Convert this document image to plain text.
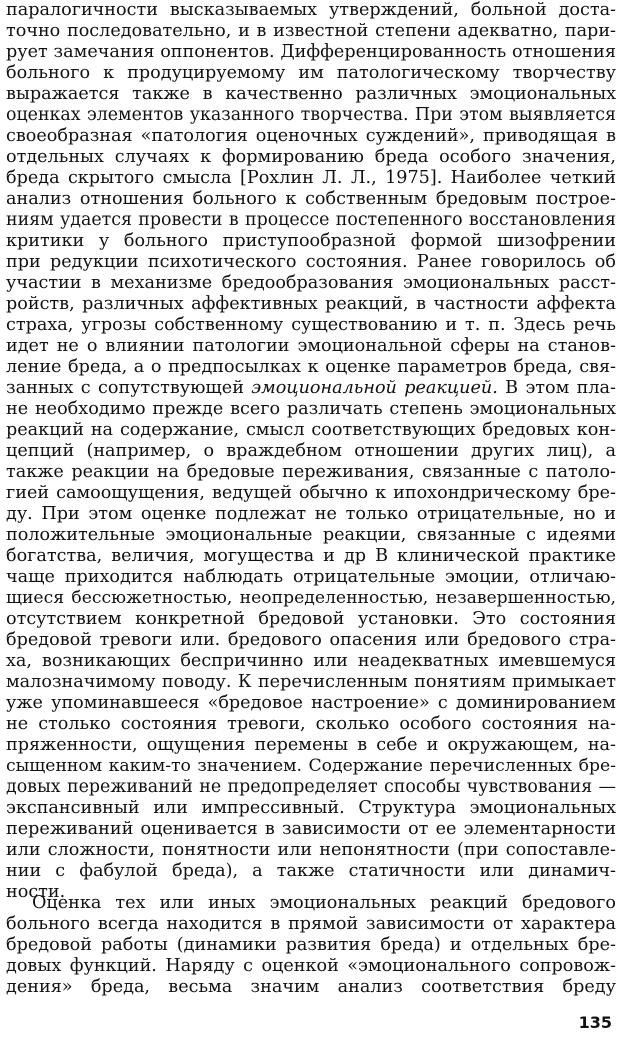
паралогичности высказываемых утверждений, больной доста-
точно последовательно, и в известной степени адекватно, пари-
рует замечания оппонентов. Дифференцированность отношения
больного к продуцируемому им патологическому творчеству
выражается также в качественно различных эмоциональных
оценках элементов указанного творчества. При этом выявляется
своеобразная «патология оценочных суждений», приводящая в
отдельных случаях к формированию бреда особого значения,
бреда скрытого смысла [Рохлин Л. Л., 1975]. Наиболее четкий
анализ отношения больного к собственным бредовым построе-
ниям удается провести в процессе постепенного восстановления
критики у больного приступообразной формой шизофрении
при редукции психотического состояния. Ранее говорилось об
участии в механизме бредообразования эмоциональных расст-
ройств, различных аффективных реакций, в частности аффекта
страха, угрозы собственному существованию и т. п. Здесь речь
идет не о влиянии патологии эмоциональной сферы на станов-
ление бреда, а о предпосылках к оценке параметров бреда, свя-
занных с сопутствующей эмоциональной реакцией. В этом пла-
не необходимо прежде всего различать степень эмоциональных
реакций на содержание, смысл соответствующих бредовых кон-
цепций (например, о враждебном отношении других лиц), а
также реакции на бредовые переживания, связанные с патоло-
гией самоощущения, ведущей обычно к ипохондрическому бре-
ду. При этом оценке подлежат не только отрицательные, но и
положительные эмоциональные реакции, связанные с идеями
богатства, величия, могущества и др В клинической практике
чаще приходится наблюдать отрицательные эмоции, отличаю-
щиеся бессюжетностью, неопределенностью, незавершенностью,
отсутствием конкретной бредовой установки. Это состояния
бредовой тревоги или. бредового опасения или бредового стра-
ха, возникающих беспричинно или неадекватных имевшемуся
малозначимому поводу. К перечисленным понятиям примыкает
уже упоминавшееся «бредовое настроение» с доминированием
не столько состояния тревоги, сколько особого состояния на-
пряженности, ощущения перемены в себе и окружающем, на-
сыщенном каким-то значением. Содержание перечисленных бре-
довых переживаний не предопределяет способы чувствования —
экспансивный или импрессивный. Структура эмоциональных
переживаний оценивается в зависимости от ее элементарности
или сложности, понятности или непонятности (при сопоставле-
нии с фабулой бреда), а также статичности или динамич-
ности.
Оценка тех или иных эмоциональных реакций бредового
больного всегда находится в прямой зависимости от характера
бредовой работы (динамики развития бреда) и отдельных бре-
довых функций. Наряду с оценкой «эмоционального сопровож-
дения» бреда, весьма значим анализ соответствия бреду
135
